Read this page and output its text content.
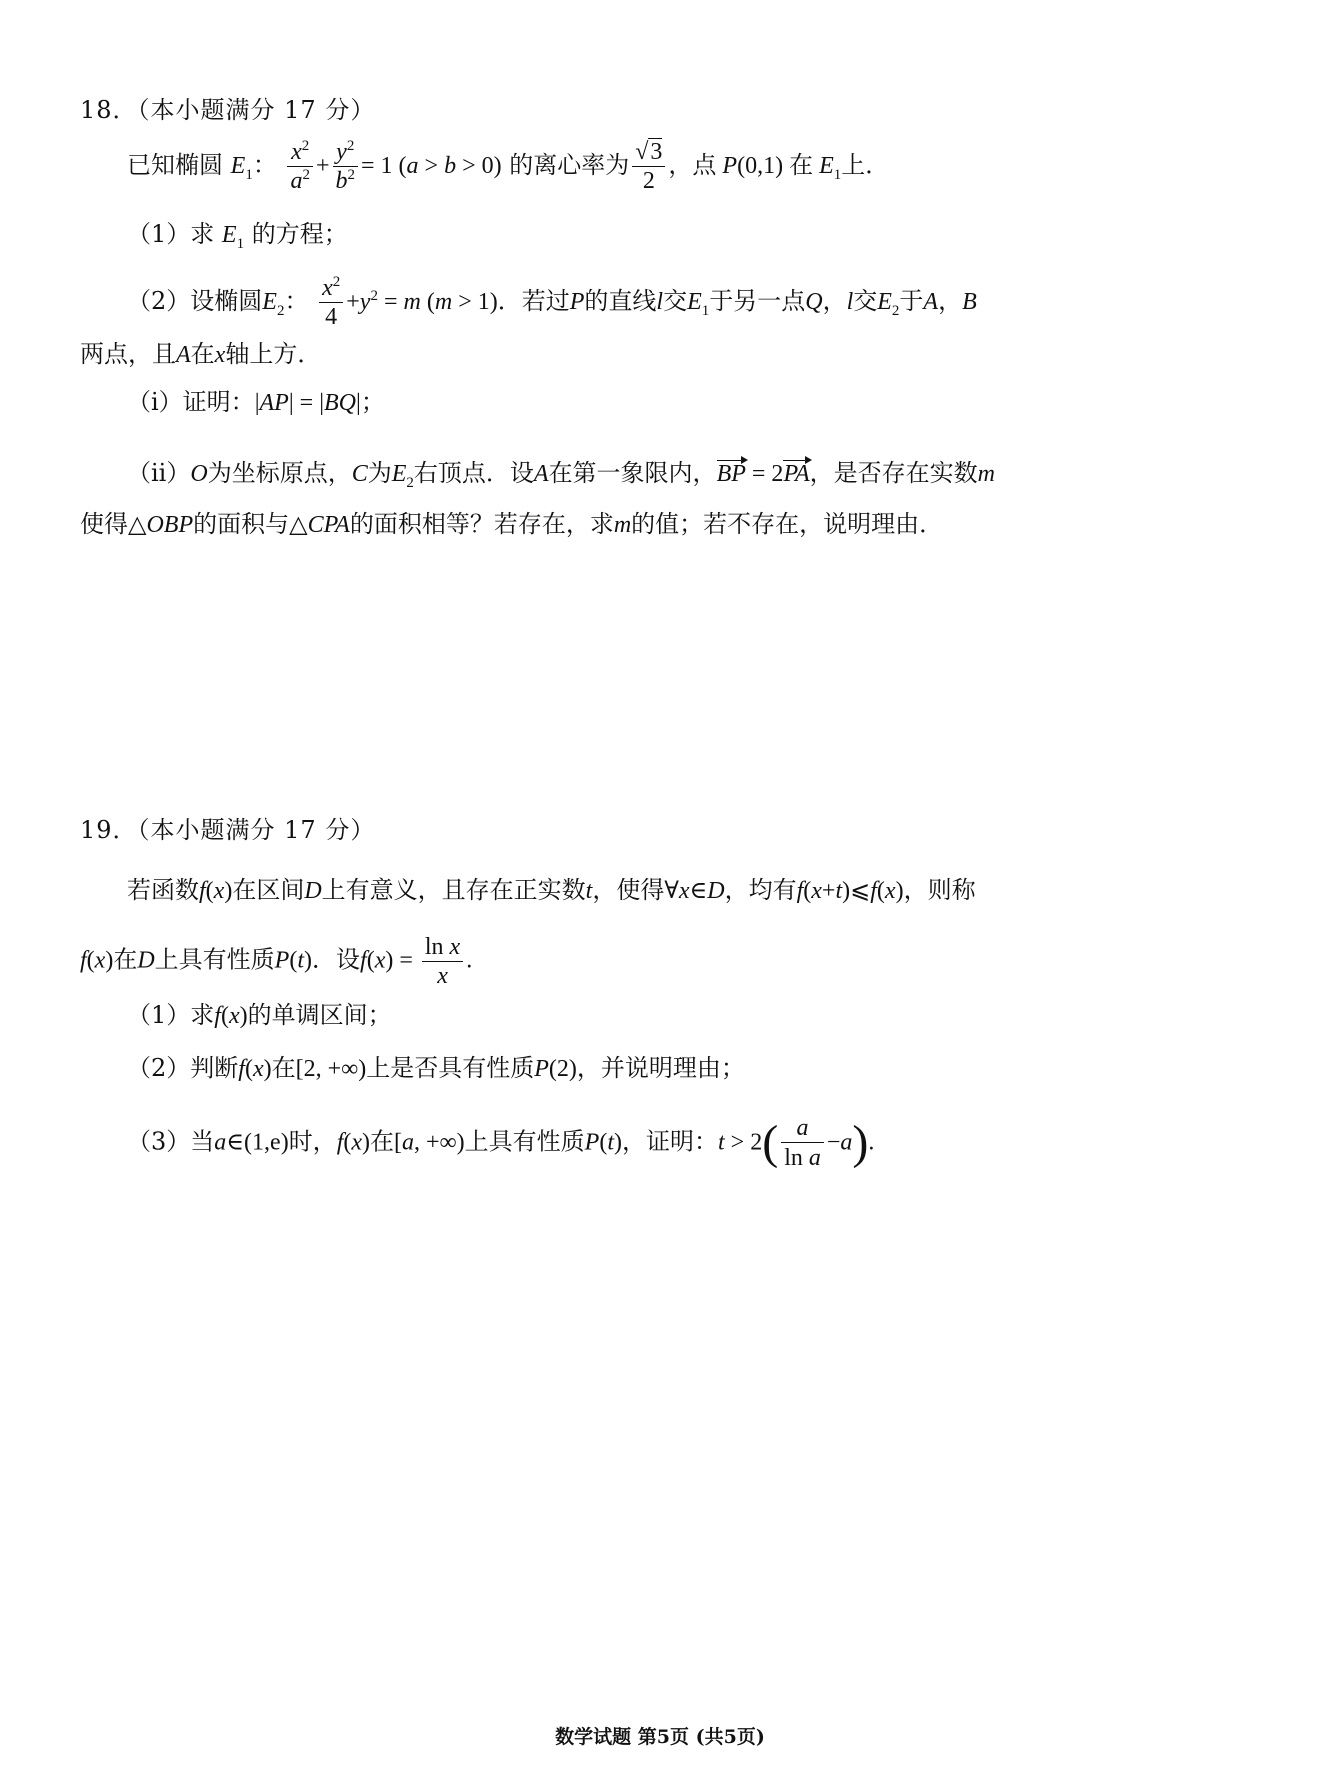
18．（本小题满分 17 分）
已知椭圆 $E_1$： $\frac{x^2}{a^2} + \frac{y^2}{b^2} = 1$ (a > b > 0) 的离心率为 $\frac{√3}{2}$ ，点 P(0,1) 在 $E_1$上．
（1）求 $E_1$ 的方程；
（2）设椭圆$E_2$： $\frac{x^2}{4} +y^2 = m$ (m > 1)．若过P的直线l交$E_1$于另一点Q，l交$E_2$于A，B
两点，且A在x轴上方．
（i）证明：|AP| = |BQ|；
（ii）O为坐标原点，C为$E_2$右顶点．设A在第一象限内，BP = 2PA，是否存在实数m
使得△OBP的面积与△CPA的面积相等？若存在，求m的值；若不存在，说明理由．
19．（本小题满分 17 分）
若函数f(x)在区间D上有意义，且存在正实数t，使得∀x∈D，均有f(x+t)⩽f(x)，则称
f(x)在D上具有性质P(t)．设$f(x) = \frac{\text{ln x}}{x}$ .
（1）求f(x)的单调区间；
（2）判断f(x)在[2, +∞)上是否具有性质P(2)，并说明理由；
（3）当a∈(1,e)时，f(x)在[a, +∞)上具有性质P(t)，证明：$t > 2( \frac{a}{\text{ln a}} -a)$.
数学试题 第5页 (共5页)
